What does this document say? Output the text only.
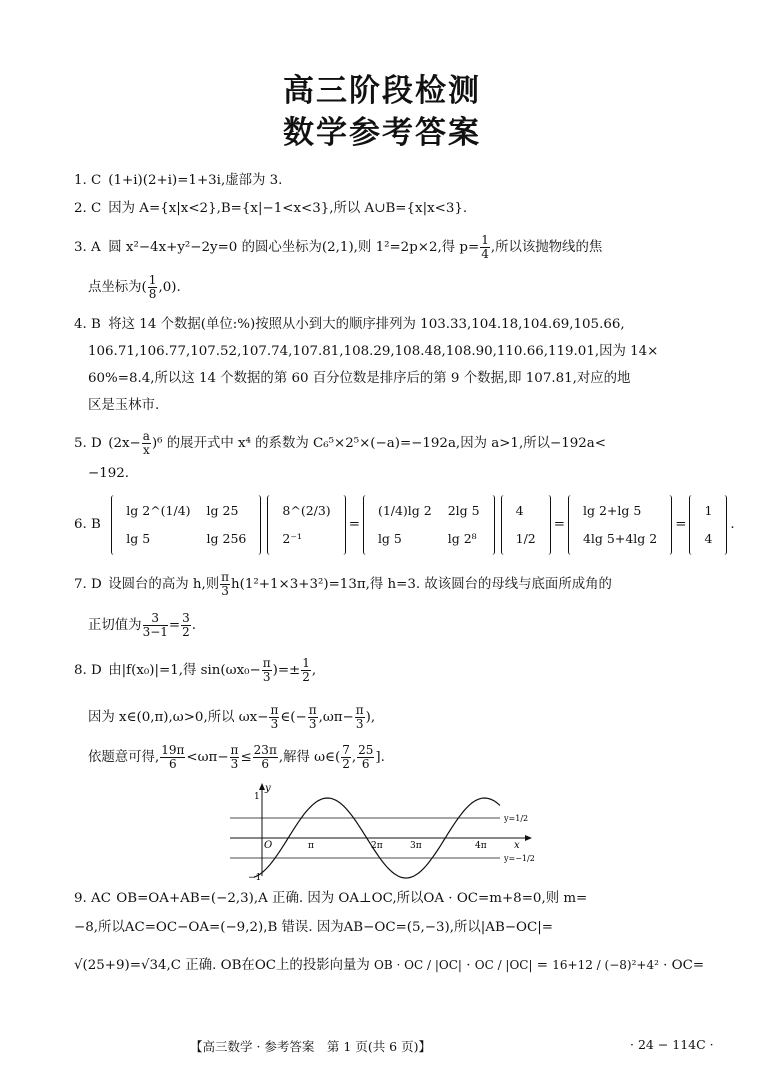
高三阶段检测
数学参考答案
1. C (1+i)(2+i)=1+3i,虚部为 3.
2. C 因为 A={x|x<2},B={x|−1<x<3},所以 A∪B={x|x<3}.
3. A 圆 x²−4x+y²−2y=0 的圆心坐标为(2,1),则 1²=2p×2,得 $p= \frac{1}{4}$ ,所以该抛物线的焦
点坐标为( $\frac{1}{8} ,0$).
4. B 将这 14 个数据(单位:%)按照从小到大的顺序排列为 103.33,104.18,104.69,105.66,
106.71,106.77,107.52,107.74,107.81,108.29,108.48,108.90,110.66,119.01,因为 14×
60%=8.4,所以这 14 个数据的第 60 百分位数是排序后的第 9 个数据,即 107.81,对应的地
区是玉林市.
5. D $(2x- \frac{a}{x} )^6$ 的展开式中 x⁴ 的系数为 C₆⁵×2⁵×(−a)=−192a,因为 a>1,所以−192a<
−192.
6. B
lg 2^(1/4)	lg 25
lg 5	lg 256
8^(2/3)
2⁻¹
=
(1/4)lg 2	2lg 5
lg 5	lg 2⁸
4
1/2
=
lg 2+lg 5
4lg 5+4lg 2
=
1
4
.
7. D 设圆台的高为 h,则 $\frac{\pi}{3} h(1^2+1\times 3+3^2)=13\pi$,得 h=3. 故该圆台的母线与底面所成角的
正切值为 $\frac{3}{3-1} = \frac{3}{2}$ .
8. D 由|f(x₀)|=1,得 $\sin(\omega x_0- \frac{\pi}{3}$ )=± $\frac{1}{2}$ ,
因为 x∈(0,π),ω>0,所以 $\omega x- \frac{\pi}{3}$ ∈(− $\frac{\pi}{3} ,\omega\pi- \frac{\pi}{3}$ ),
依题意可得, $\frac{19\pi}{6} <\omega\pi- \frac{\pi}{3} \le \frac{23\pi}{6}$ ,解得 ω∈( $\frac{7}{2}$ , $\frac{25}{6}$ ].
y
x
O
1
−1
π	2π	3π	4π
y=1/2
y=−1/2
9. AC OB=OA+AB=(−2,3),A 正确. 因为 OA⊥OC,所以OA · OC=m+8=0,则 m=
−8,所以AC=OC−OA=(−9,2),B 错误. 因为AB−OC=(5,−3),所以|AB−OC|=
√(25+9)=√34,C 正确. OB在OC上的投影向量为 OB · OC / |OC| · OC / |OC| = 16+12 / (−8)²+4² · OC=
【高三数学 · 参考答案　第 1 页(共 6 页)】	· 24 − 114C ·
